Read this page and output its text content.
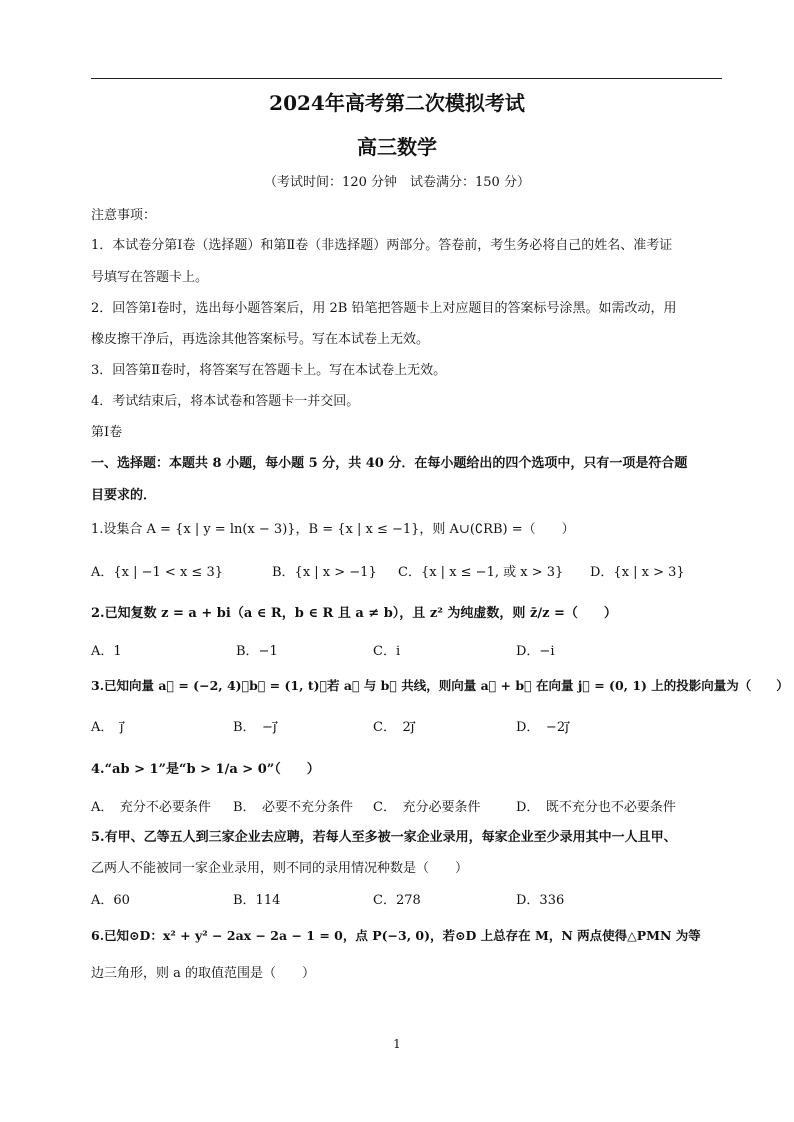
2024年高考第二次模拟考试
高三数学
（考试时间：120 分钟　试卷满分：150 分）
注意事项：
1．本试卷分第Ⅰ卷（选择题）和第Ⅱ卷（非选择题）两部分。答卷前，考生务必将自己的姓名、准考证
号填写在答题卡上。
2．回答第Ⅰ卷时，选出每小题答案后，用 2B 铅笔把答题卡上对应题目的答案标号涂黑。如需改动，用
橡皮擦干净后，再选涂其他答案标号。写在本试卷上无效。
3．回答第Ⅱ卷时，将答案写在答题卡上。写在本试卷上无效。
4．考试结束后，将本试卷和答题卡一并交回。
第Ⅰ卷
一、选择题：本题共 8 小题，每小题 5 分，共 40 分．在每小题给出的四个选项中，只有一项是符合题
目要求的．
1.设集合 A = {x | y = ln(x − 3)}，B = {x | x ≤ −1}，则 A∪(∁RB) =（　　）
A．{x | −1 < x ≤ 3}	B．{x | x > −1} C．{x | x ≤ −1, 或 x > 3} D．{x | x > 3}
2.已知复数 z = a + bi（a ∈ R，b ∈ R 且 a ≠ b），且 z² 为纯虚数，则 z̄/z =（　　）
A．1	B．−1	C．i	D．−i
3.已知向量 a⃗ = (−2, 4)，b⃗ = (1, t)，若 a⃗ 与 b⃗ 共线，则向量 a⃗ + b⃗ 在向量 j⃗ = (0, 1) 上的投影向量为（　　）
A．　j⃗	B．　−j⃗	C．　2j⃗	D．　−2j⃗
4.“ab > 1”是“b > 1/a > 0”（　　）
A．　充分不必要条件 B．　必要不充分条件 C．　充分必要条件	D．　既不充分也不必要条件
5.有甲、乙等五人到三家企业去应聘，若每人至多被一家企业录用，每家企业至少录用其中一人且甲、
乙两人不能被同一家企业录用，则不同的录用情况种数是（　　）
A．60	B．114	C．278	D．336
6.已知⊙D：x² + y² − 2ax − 2a − 1 = 0，点 P(−3, 0)，若⊙D 上总存在 M，N 两点使得△PMN 为等
边三角形，则 a 的取值范围是（　　）
1
